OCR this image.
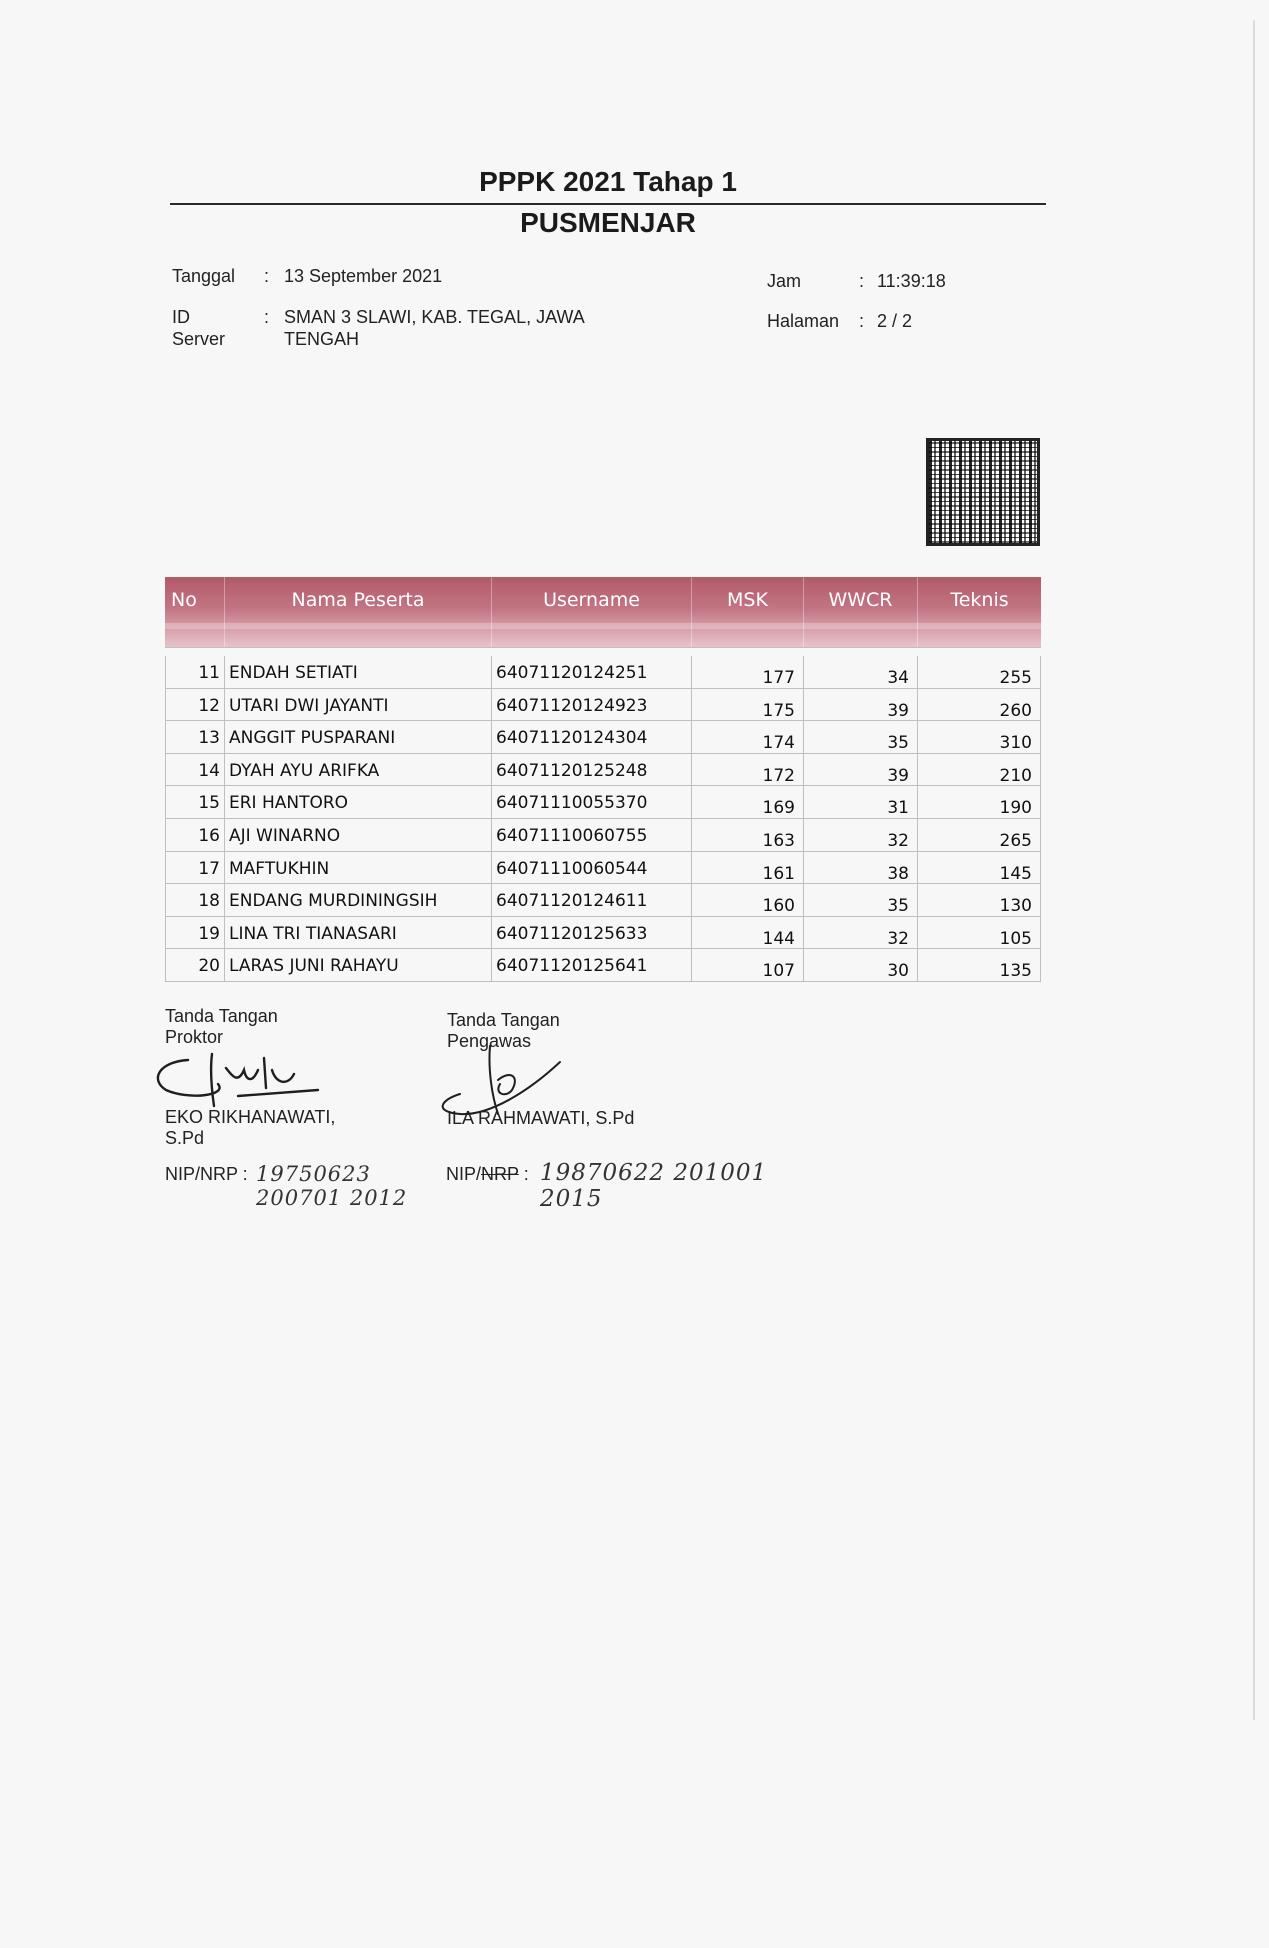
PPPK 2021 Tahap 1
PUSMENJAR
Tanggal	: 13 September 2021
ID
Server
: SMAN 3 SLAWI, KAB. TEGAL, JAWA
TENGAH
Jam	: 11:39:18
Halaman	: 2 / 2
No	Nama Peserta	Username	MSK	WWCR	Teknis
11 ENDAH SETIATI	64071120124251	177	34	255
12 UTARI DWI JAYANTI	64071120124923	175	39	260
13 ANGGIT PUSPARANI	64071120124304	174	35	310
14 DYAH AYU ARIFKA	64071120125248	172	39	210
15 ERI HANTORO	64071110055370	169	31	190
16 AJI WINARNO	64071110060755	163	32	265
17 MAFTUKHIN	64071110060544	161	38	145
18 ENDANG MURDININGSIH	64071120124611	160	35	130
19 LINA TRI TIANASARI	64071120125633	144	32	105
20 LARAS JUNI RAHAYU	64071120125641	107	30	135
Tanda Tangan
Proktor
EKO RIKHANAWATI,
S.Pd
Tanda Tangan
Pengawas
ILA RAHMAWATI, S.Pd
NIP/NRP : 19750623 200701 2012
NIP/NRP : 19870622 201001 2015
